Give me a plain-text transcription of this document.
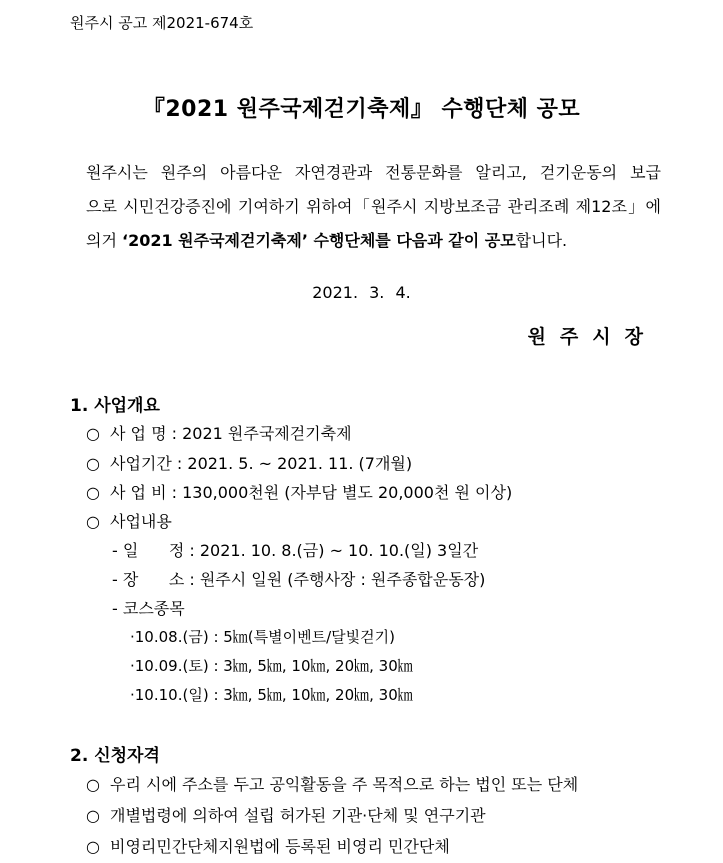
원주시 공고 제2021-674호
『2021 원주국제걷기축제』 수행단체 공모
원주시는 원주의 아름다운 자연경관과 전통문화를 알리고, 걷기운동의 보급
으로 시민건강증진에 기여하기 위하여「원주시 지방보조금 관리조례 제12조」에
의거 ‘2021 원주국제걷기축제’ 수행단체를 다음과 같이 공모합니다.
2021. 3. 4.
원주시장
1. 사업개요
○ 사 업 명 : 2021 원주국제걷기축제
○ 사업기간 : 2021. 5. ~ 2021. 11. (7개월)
○ 사 업 비 : 130,000천원 (자부담 별도 20,000천 원 이상)
○ 사업내용
- 일      정 : 2021. 10. 8.(금) ~ 10. 10.(일) 3일간
- 장      소 : 원주시 일원 (주행사장 : 원주종합운동장)
- 코스종목
·10.08.(금) : 5㎞(특별이벤트/달빛걷기)
·10.09.(토) : 3㎞, 5㎞, 10㎞, 20㎞, 30㎞
·10.10.(일) : 3㎞, 5㎞, 10㎞, 20㎞, 30㎞
2. 신청자격
○ 우리 시에 주소를 두고 공익활동을 주 목적으로 하는 법인 또는 단체
○ 개별법령에 의하여 설립 허가된 기관·단체 및 연구기관
○ 비영리민간단체지원법에 등록된 비영리 민간단체
